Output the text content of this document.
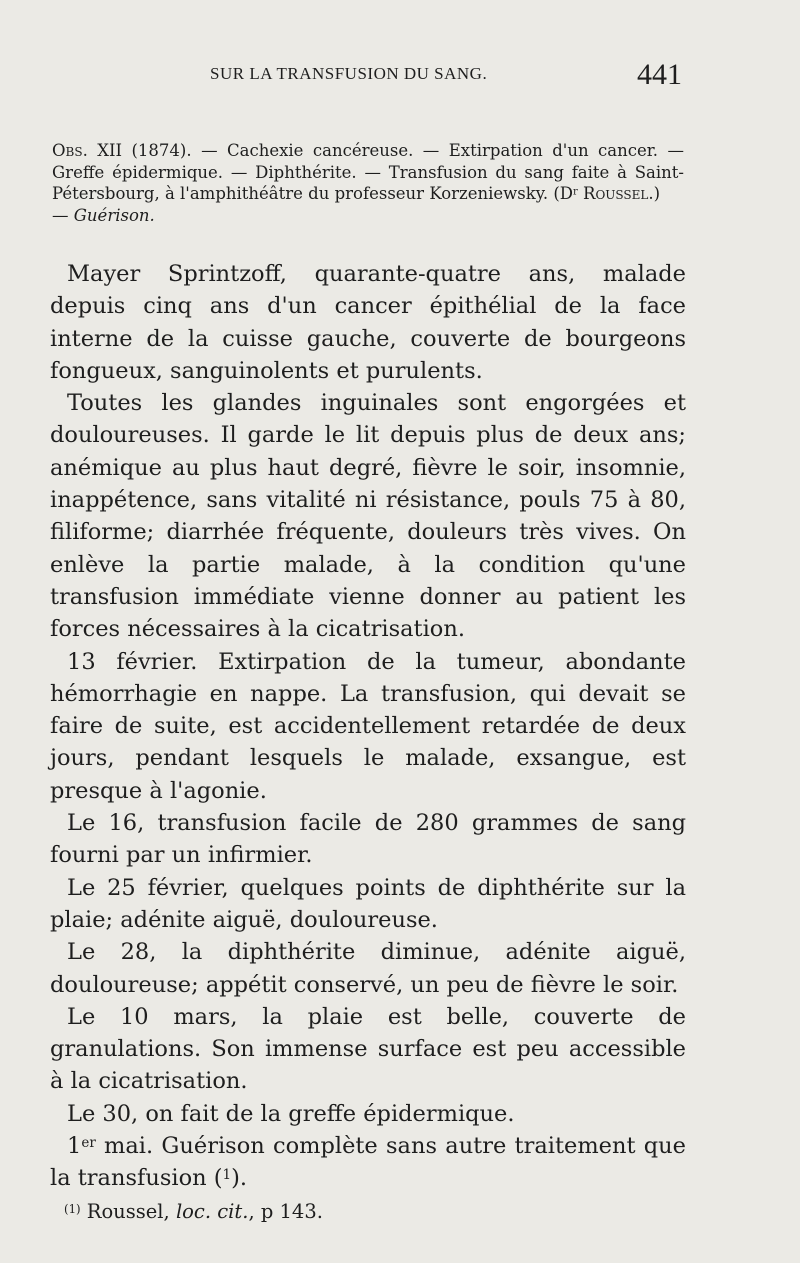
SUR LA TRANSFUSION DU SANG.	441
Obs. XII (1874). — Cachexie cancéreuse. — Extirpation d'un cancer. — Greffe épidermique. — Diphthérite. — Transfusion du sang faite à Saint-Pétersbourg, à l'amphithéâtre du professeur Korzeniewsky. ($D^r$ Roussel.)
— Guérison.

Mayer Sprintzoff, quarante-quatre ans, malade depuis cinq ans d'un cancer épithélial de la face interne de la cuisse gauche, couverte de bourgeons fongueux, sanguinolents et purulents.

Toutes les glandes inguinales sont engorgées et douloureuses. Il garde le lit depuis plus de deux ans; anémique au plus haut degré, fièvre le soir, insomnie, inappétence, sans vitalité ni résistance, pouls 75 à 80, filiforme; diarrhée fréquente, douleurs très vives. On enlève la partie malade, à la condition qu'une transfusion immédiate vienne donner au patient les forces nécessaires à la cicatrisation.

13 février. Extirpation de la tumeur, abondante hémorrhagie en nappe. La transfusion, qui devait se faire de suite, est accidentellement retardée de deux jours, pendant lesquels le malade, exsangue, est presque à l'agonie.

Le 16, transfusion facile de 280 grammes de sang fourni par un infirmier.

Le 25 février, quelques points de diphthérite sur la plaie; adénite aiguë, douloureuse.

Le 28, la diphthérite diminue, adénite aiguë, douloureuse; appétit conservé, un peu de fièvre le soir.

Le 10 mars, la plaie est belle, couverte de granulations. Son immense surface est peu accessible à la cicatrisation.

Le 30, on fait de la greffe épidermique.

1er mai. Guérison complète sans autre traitement que la transfusion ($^1$).

$^{(1)}$ Roussel, loc. cit., p 143.
